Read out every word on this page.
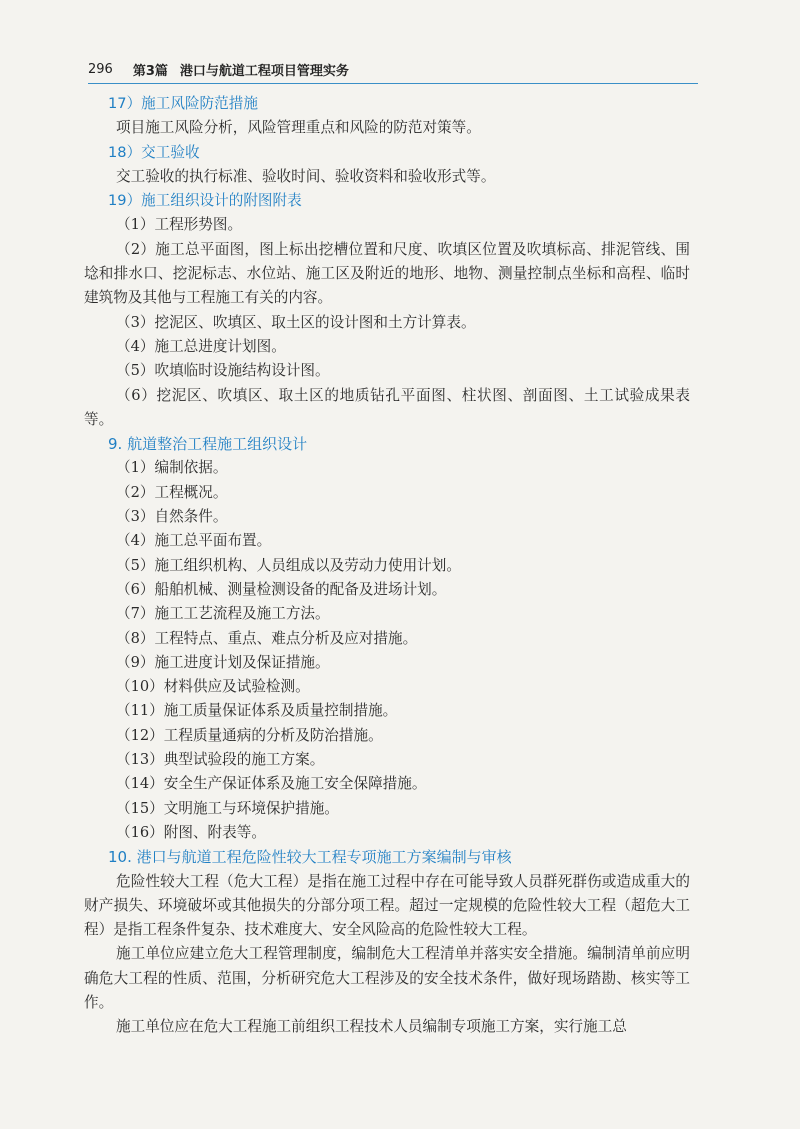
296 第3篇 港口与航道工程项目管理实务

17）施工风险防范措施

项目施工风险分析，风险管理重点和风险的防范对策等。

18）交工验收

交工验收的执行标准、验收时间、验收资料和验收形式等。

19）施工组织设计的附图附表

（1）工程形势图。

（2）施工总平面图，图上标出挖槽位置和尺度、吹填区位置及吹填标高、排泥管线、围埝和排水口、挖泥标志、水位站、施工区及附近的地形、地物、测量控制点坐标和高程、临时建筑物及其他与工程施工有关的内容。

（3）挖泥区、吹填区、取土区的设计图和土方计算表。

（4）施工总进度计划图。

（5）吹填临时设施结构设计图。

（6）挖泥区、吹填区、取土区的地质钻孔平面图、柱状图、剖面图、土工试验成果表等。

9. 航道整治工程施工组织设计

（1）编制依据。

（2）工程概况。

（3）自然条件。

（4）施工总平面布置。

（5）施工组织机构、人员组成以及劳动力使用计划。

（6）船舶机械、测量检测设备的配备及进场计划。

（7）施工工艺流程及施工方法。

（8）工程特点、重点、难点分析及应对措施。

（9）施工进度计划及保证措施。

（10）材料供应及试验检测。

（11）施工质量保证体系及质量控制措施。

（12）工程质量通病的分析及防治措施。

（13）典型试验段的施工方案。

（14）安全生产保证体系及施工安全保障措施。

（15）文明施工与环境保护措施。

（16）附图、附表等。

10. 港口与航道工程危险性较大工程专项施工方案编制与审核

危险性较大工程（危大工程）是指在施工过程中存在可能导致人员群死群伤或造成重大的财产损失、环境破坏或其他损失的分部分项工程。超过一定规模的危险性较大工程（超危大工程）是指工程条件复杂、技术难度大、安全风险高的危险性较大工程。

施工单位应建立危大工程管理制度，编制危大工程清单并落实安全措施。编制清单前应明确危大工程的性质、范围，分析研究危大工程涉及的安全技术条件，做好现场踏勘、核实等工作。

施工单位应在危大工程施工前组织工程技术人员编制专项施工方案，实行施工总
